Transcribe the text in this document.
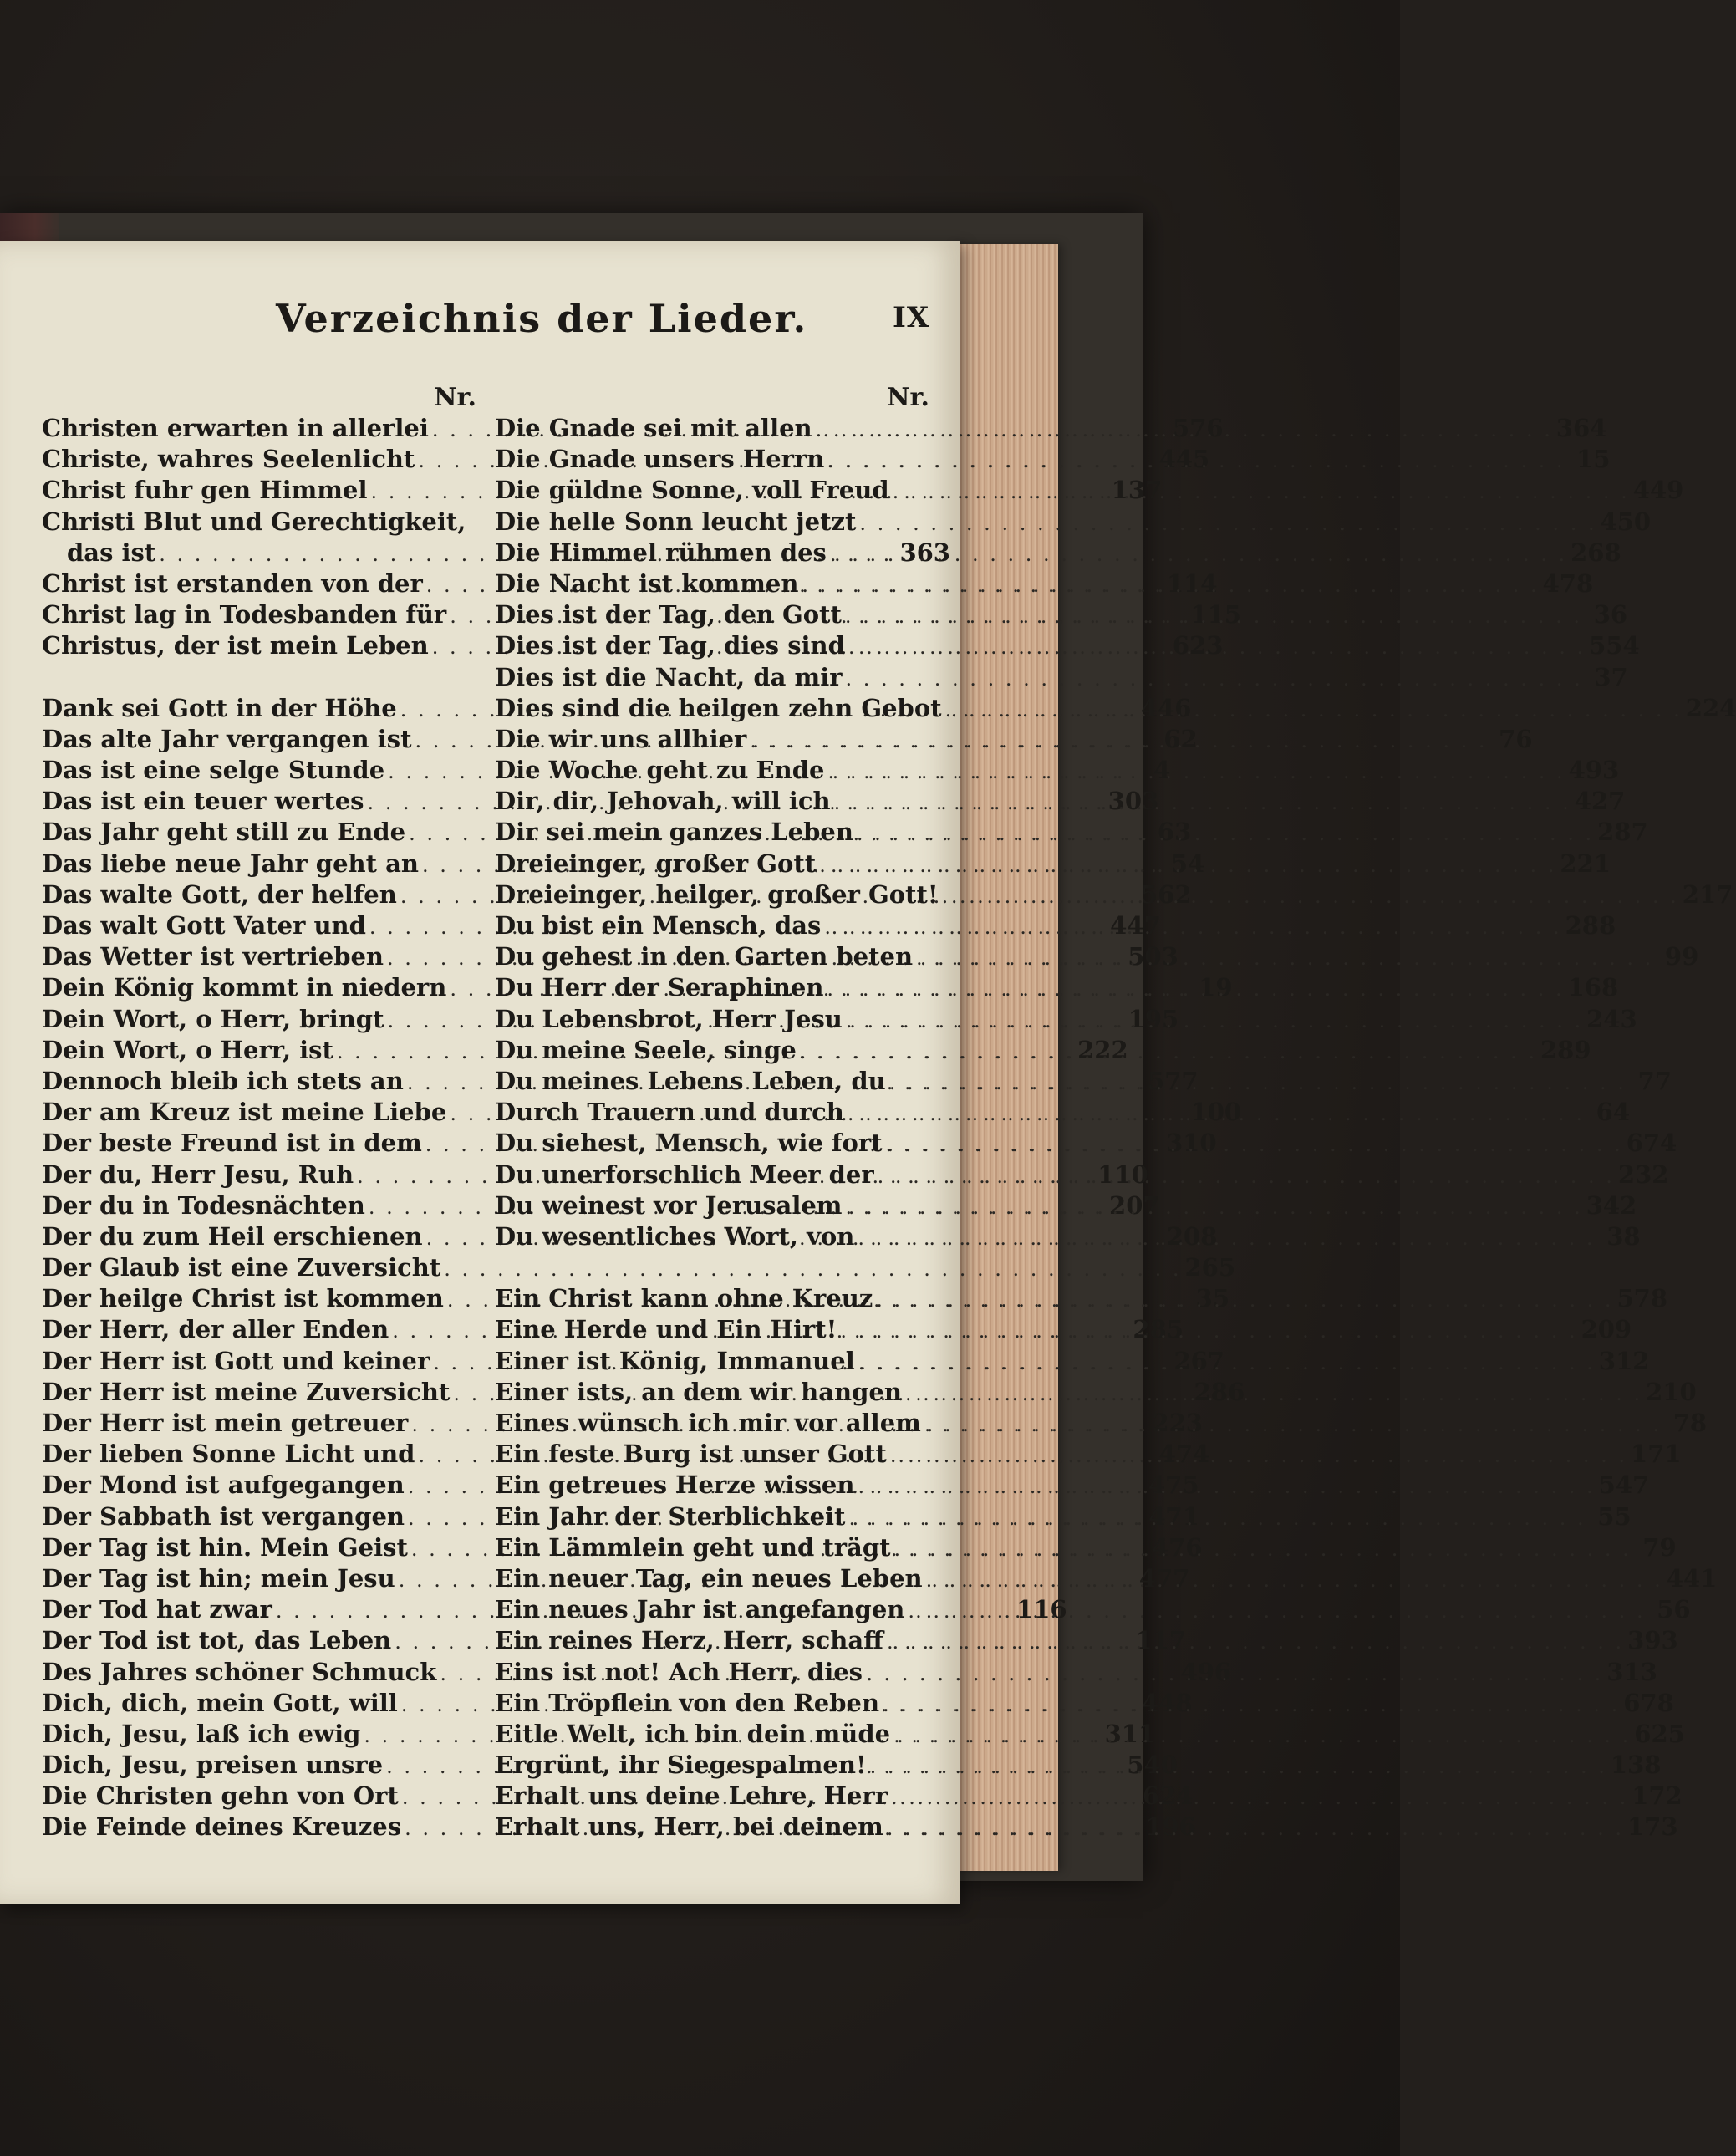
Verzeichnis der Lieder.	IX
Nr.
Christen erwarten in allerlei . . .	576
Christe, wahres Seelenlicht . . .	445
Christ fuhr gen Himmel . . .	137
Christi Blut und Gerechtigkeit,
das ist . . .	363
Christ ist erstanden von der . . .	114
Christ lag in Todesbanden für . . .	115
Christus, der ist mein Leben . . .	623
Dank sei Gott in der Höhe . . .	446
Das alte Jahr vergangen ist . . .	62
Das ist eine selge Stunde . . .	4
Das ist ein teuer wertes . . .	303
Das Jahr geht still zu Ende . . .	63
Das liebe neue Jahr geht an . . .	54
Das walte Gott, der helfen . . .	562
Das walt Gott Vater und . . .	447
Das Wetter ist vertrieben . . .	503
Dein König kommt in niedern . . .	19
Dein Wort, o Herr, bringt . . .	195
Dein Wort, o Herr, ist . . .	222
Dennoch bleib ich stets an . . .	577
Der am Kreuz ist meine Liebe . . .	100
Der beste Freund ist in dem . . .	310
Der du, Herr Jesu, Ruh . . .	110
Der du in Todesnächten . . .	207
Der du zum Heil erschienen . . .	208
Der Glaub ist eine Zuversicht . . .	265
Der heilge Christ ist kommen . . .	35
Der Herr, der aller Enden . . .	285
Der Herr ist Gott und keiner . . .	267
Der Herr ist meine Zuversicht . . .	286
Der Herr ist mein getreuer . . .	223
Der lieben Sonne Licht und . . .	474
Der Mond ist aufgegangen . . .	475
Der Sabbath ist vergangen . . .	471
Der Tag ist hin. Mein Geist . . .	476
Der Tag ist hin; mein Jesu . . .	477
Der Tod hat zwar . . .	116
Der Tod ist tot, das Leben . . .	117
Des Jahres schöner Schmuck . . .	496
Dich, dich, mein Gott, will . . .	448
Dich, Jesu, laß ich ewig . . .	311
Dich, Jesu, preisen unsre . . .	540
Die Christen gehn von Ort . . .	624
Die Feinde deines Kreuzes . . .	196
Nr.
Die Gnade sei mit allen . . .	364
Die Gnade unsers Herrn . . .	15
Die güldne Sonne, voll Freud . . .	449
Die helle Sonn leucht jetzt . . .	450
Die Himmel rühmen des . . .	268
Die Nacht ist kommen . . .	478
Dies ist der Tag, den Gott . . .	36
Dies ist der Tag, dies sind . . .	554
Dies ist die Nacht, da mir . . .	37
Dies sind die heilgen zehn Gebot . . .	224
Die wir uns allhier . . .	76
Die Woche geht zu Ende . . .	493
Dir, dir, Jehovah, will ich . . .	427
Dir sei mein ganzes Leben . . .	287
Dreieinger, großer Gott . . .	221
Dreieinger, heilger, großer Gott! . . .	217
Du bist ein Mensch, das . . .	288
Du gehest in den Garten beten . . .	99
Du Herr der Seraphinen . . .	168
Du Lebensbrot, Herr Jesu . . .	243
Du meine Seele, singe . . .	289
Du meines Lebens Leben, du . . .	77
Durch Trauern und durch . . .	64
Du siehest, Mensch, wie fort . . .	674
Du unerforschlich Meer der . . .	232
Du weinest vor Jerusalem . . .	342
Du wesentliches Wort, von . . .	38
Ein Christ kann ohne Kreuz . . .	578
Eine Herde und Ein Hirt! . . .	209
Einer ist König, Immanuel . . .	312
Einer ists, an dem wir hangen . . .	210
Eines wünsch ich mir vor allem . . .	78
Ein feste Burg ist unser Gott . . .	171
Ein getreues Herze wissen . . .	547
Ein Jahr der Sterblichkeit . . .	55
Ein Lämmlein geht und trägt . . .	79
Ein neuer Tag, ein neues Leben . . .	441
Ein neues Jahr ist angefangen . . .	56
Ein reines Herz, Herr, schaff . . .	393
Eins ist not! Ach Herr, dies . . .	313
Ein Tröpflein von den Reben . . .	678
Eitle Welt, ich bin dein müde . . .	625
Ergrünt, ihr Siegespalmen! . . .	138
Erhalt uns deine Lehre, Herr . . .	172
Erhalt uns, Herr, bei deinem . . .	173
